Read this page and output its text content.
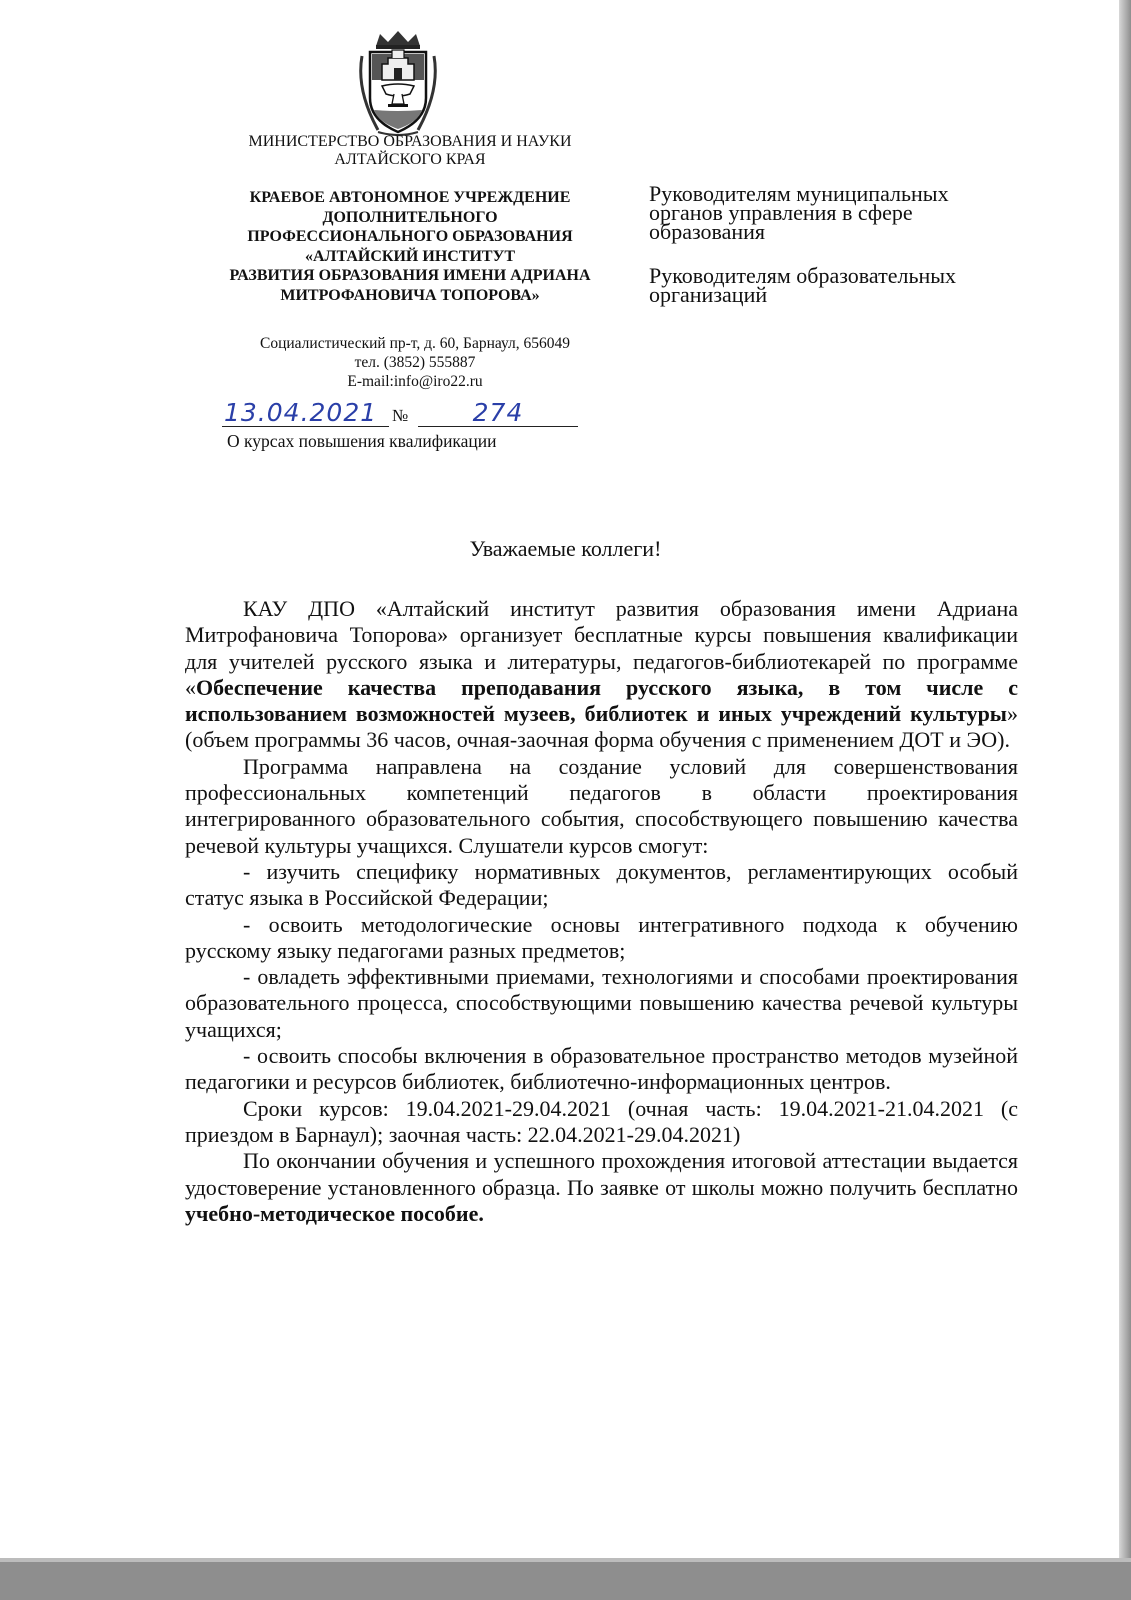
МИНИСТЕРСТВО ОБРАЗОВАНИЯ И НАУКИ
АЛТАЙСКОГО КРАЯ
КРАЕВОЕ АВТОНОМНОЕ УЧРЕЖДЕНИЕ
ДОПОЛНИТЕЛЬНОГО
ПРОФЕССИОНАЛЬНОГО ОБРАЗОВАНИЯ
«АЛТАЙСКИЙ ИНСТИТУТ
РАЗВИТИЯ ОБРАЗОВАНИЯ ИМЕНИ АДРИАНА
МИТРОФАНОВИЧА ТОПОРОВА»
Социалистический пр-т, д. 60, Барнаул, 656049
тел. (3852) 555887
E-mail:info@iro22.ru
13.04.2021 №	274
О курсах повышения квалификации
Руководителям муниципальных
органов управления в сфере
образования
Руководителям образовательных
организаций
Уважаемые коллеги!

КАУ ДПО «Алтайский институт развития образования имени Адриана Митрофановича Топорова» организует бесплатные курсы повышения квалификации для учителей русского языка и литературы, педагогов-библиотекарей по программе «Обеспечение качества преподавания русского языка, в том числе с использованием возможностей музеев, библиотек и иных учреждений культуры» (объем программы 36 часов, очная-заочная форма обучения с применением ДОТ и ЭО).

Программа направлена на создание условий для совершенствования профессиональных компетенций педагогов в области проектирования интегрированного образовательного события, способствующего повышению качества речевой культуры учащихся. Слушатели курсов смогут:

- изучить специфику нормативных документов, регламентирующих особый статус языка в Российской Федерации;

- освоить методологические основы интегративного подхода к обучению русскому языку педагогами разных предметов;

- овладеть эффективными приемами, технологиями и способами проектирования образовательного процесса, способствующими повышению качества речевой культуры учащихся;

- освоить способы включения в образовательное пространство методов музейной педагогики и ресурсов библиотек, библиотечно-информационных центров.

Сроки курсов: 19.04.2021-29.04.2021 (очная часть: 19.04.2021-21.04.2021 (с приездом в Барнаул); заочная часть: 22.04.2021-29.04.2021)

По окончании обучения и успешного прохождения итоговой аттестации выдается удостоверение установленного образца. По заявке от школы можно получить бесплатно учебно-методическое пособие.
